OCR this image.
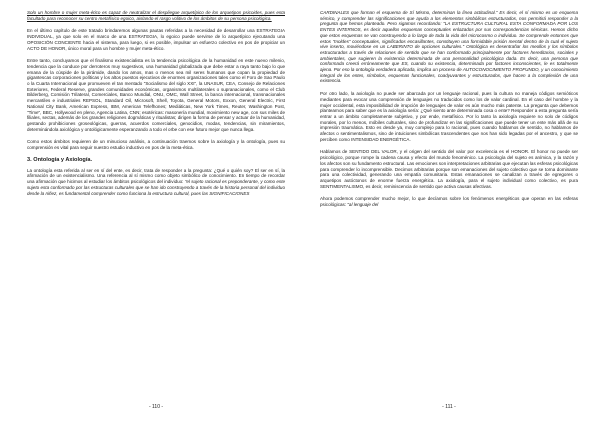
Solo un hombre o mujer meta-ético es capaz de neutralizar el despliegue arquetípico de los arquetipos psicoides, pues esta facultado para reconocer su centro metafísico egoico, aislando el rasgo volitivo de los ámbitos de su persona psicológica.

En el último capítulo de este tratado brindaremos algunas pautas referidas a la necesidad de desarrollar una ESTRATEGIA INDIVIDUAL, ya que solo en el marco de una ESTRATEGIA, lo egoico puede servirse de lo arquetípico ejecutando una OPOSICIÓN CONCIENTE hacia el sistema, para luego, si es posible, impulsar un esfuerzo colectivo en pos de propiciar un ACTO DE HONOR, único moral para un hombre y mujer meta-ético.

Entre tanto, concluyamos que el finalismo existencialista es la tendencia psicológica de la humanidad en este nuevo milenio, tendencia que la conduce por derroteros muy sugestivos, una humanidad globalizada que debe estar a raya tanto bajo lo que emana de la cúspide de la pirámide, dando los amos, mas o menos sea mil seres humanos que copan la propiedad de gigantescas corporaciones políticas y los altos puestos ejecutivos de enormes organizaciones tales como el Foro de Sao Paulo o la Cuarta Internacional que promueven el tan mentado "Socialismo del siglo XXI", la UNASUR, CEA, Consejo de Relaciones Exteriores, Federal Reserve, grandes comunidades económicas, organismos multilaterales o supranacionales, como el Club Bilderberg, Comisión Trilateral, Comerciales, Banco Mundial, ONU, OMC, Wall Street, la banca internacional, transnacionales mercantiles e industriales REPSOL, Standard Oil, Microsoft, Shell, Toyota, General Motors, Exxon, General Electric, First National City Bank, American Express, IBM, American Telefhones; Mediáticas, New York Times, Reuter, Washington Post, "Time", BBC, Hollywood en pleno, Agencia Latina, CNN; esotéricas: masonería mundial, movimiento new age, con sus miles de filiales, sectas, además de los grandes religiones dogmáticas y ritualistas; dirigen la forma de pensar y actuar de la humanidad, gestando prohibiciones groseológicas, guerras, acuerdos comerciales, genocidios, modas, tendencias, sin miramientos, determinándola axiológica y ontológicamente esperanzando a todo el orbe con ese futuro mejor que nunca llega.

Como estos ámbitos requieren de un minucioso análisis, a continuación traemos sobre la axiología y la ontología, pues su comprensión es vital para seguir nuestro estudio inductivo en pos de la meta-ética.

3. Ontología y Axiología.

La ontología esta referida al ser en sí del ente, es decir, trata de responder a la pregunta: ¿Qué o quién soy? El ser en sí, la afirmación de un existencialismo. Una referencia al sí mismo como objeto simbólico de conocimiento. En tiempo de recordar una afirmación que hicimos al estudiar los ámbitos psicológicos del individuo: "el sujeto racional es preponderante, y como este sujeto esta conformado por las estructuras culturales que se han ido construyendo a través de la historia personal del individuo desde la niñez, es fundamental comprender como funciona la estructura cultural, pues las SIGNIFICACIONES

- 110 -

CARDINALES que forman el esquema de Sí Mismo, determinan la línea actitudinal." Es decir, el sí mismo es un esquema sémico, y comprender las significaciones que ayuda a los elementos simbólicos estructurados, nos permitirá responder a la pregunta que hemos planteado. Pero sigamos recordando: "LA ESTRUCTURA CULTURAL ESTA CONFORMADA POR LOS ENTES INTERNOS, es decir aquellos esquemas conceptuales enlazados por sus correspondencias sémicas. Hemos dicho que estos esquemas se van construyendo a lo largo de toda la vida del microcosmo o individuo. Se comprende entonces que estos "moldes" conceptuales, significados encasillantes, constituyen una formidable prisión mental dentro de la cual el sujeto vive inserto, moviéndose en un LABERINTO de opciones culturales." Ontológica es desentrañar los meollos y los símbolos estructurados a través de relaciones de sentido que se han conformado principalmente por factores hereditarios, sociales y ambientales, que sugieren la existencia determinada de una personalidad psicológica dada. Es decir, una persona que conformada creerá erróneamente que ES, cuando su existencia, determinada por factores inconscientes, le es totalmente ajena. Por eso la ontología verdadera aplicada, implica un proceso de AUTOCONOCIMIENTO PROFUNDO, y un conocimiento integral de los entes, símbolos, esquemas funcionales, coadyuvantes y estructurados, que hacen a la complexión de una existencia.

Por otro lado, la axiología no puede ser abarcada por un lenguaje racional, pues la cultura no maneja códigos semióticos mediantes para evocar una comprensión de lenguajes no traducidos como los de valor cardinal. En el caso del hombre y la mujer occidental, esta imposibilidad de irrupción de lenguajes de valor es aún mucho más patente. La pregunta que debemos plantearnos para saber que es la axiología sería: ¿Qué siento ante determinada cosa o ente? Responder a esta pregunta sería entrar a un ámbito completamente subjetivo, y por ende, metafísico. Por lo tanto la axiología requiere no solo de códigos morales, por lo menos, móbiles culturales, sino de profundizar en las significaciones que puede tener un ente más allá de su impresión traumática. Esto es desde ya, muy complejo para lo racional, pues cuando hablamos de sentido, no hablamos de afectos o sentimentalismos, sino de intuiciones simbólicas trascendentes que nos han sido legadas por el ancestro, y que se perciben como INTENSIDAD ENERGÉTICA.

Hablamos de SENTIDO DEL VALOR, y el origen del sentido del valor por excelencia es el HONOR. El honor no puede ser psicológico, porque rompe la cadena causa y efecto del mundo fenoménico. La psicología del sujeto es anímica, y la razón y los afectos son su fundamento estructural. Las emociones son interpretaciones arbitrarias que ejecutan las esferas psicológicas para comprender lo incomprensible. Decimos arbitrarias porque son emanaciones del sujeto colectivo que se torna dominante para una colectividad, generando una empatía comunitaria. Estas emanaciones se canalizan a través de egregores o arquetipos autóctonos de enorme fuerza energética. La axiología, para el sujeto individual como colectivo, es pura SENTIMENTALISMO, es decir, reminiscencia de sentido que activa causas afectivas.

Ahora podemos comprender mucho mejor, lo que decíamos sobre los fenómenos energéticos que operan en las esferas psicológicas: "al lenguaje del

- 111 -
